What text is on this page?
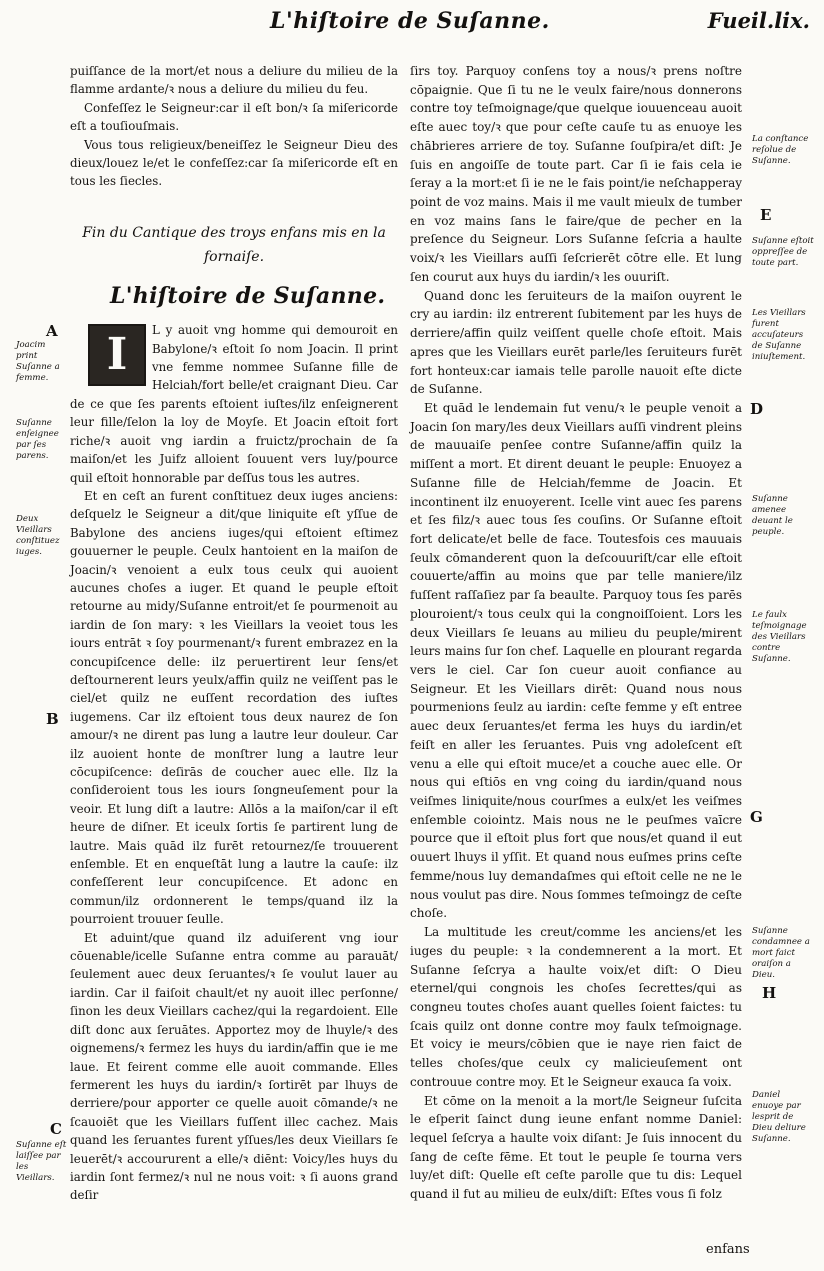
L'hiſtoire de Suſanne.	Fueil.lix.

puiſſance de la mort/et nous a deliure du milieu de la flamme ardante/ꝛ nous a deliure du milieu du feu.

Confeſſez le Seigneur:car il eſt bon/ꝛ ſa miſericorde eſt a touſiouſmais.

Vous tous religieux/beneiſſez le Seigneur Dieu des dieux/louez le/et le confeſſez:car ſa miſericorde eſt en tous les ſiecles.

Fin du Cantique des troys enfans mis en la fornaiſe.

L'hiſtoire de Suſanne.
I	L y auoit vng homme qui demouroit en Babylone/ꝛ eſtoit ſo nom Joacin. Il print vne femme nommee Suſanne fille de Helciah/fort belle/et craignant Dieu. Car de ce que ſes parents eſtoient iuſtes/ilz enſeignerent leur fille/ſelon la loy de Moyſe. Et Joacin eſtoit fort riche/ꝛ auoit vng iardin a fruictz/prochain de ſa maiſon/et les Juifz alloient ſouuent vers luy/pource quil eſtoit honnorable par deſſus tous les autres.

Et en ceſt an furent conſtituez deux iuges anciens: deſquelz le Seigneur a dit/que liniquite eſt yſſue de Babylone des anciens iuges/qui eſtoient eſtimez gouuerner le peuple. Ceulx hantoient en la maiſon de Joacin/ꝛ venoient a eulx tous ceulx qui auoient aucunes choſes a iuger. Et quand le peuple eſtoit retourne au midy/Suſanne entroit/et ſe pourmenoit au iardin de ſon mary: ꝛ les Vieillars la veoiet tous les iours entrāt ꝛ ſoy pourmenant/ꝛ furent embrazez en la concupiſcence delle: ilz peruertirent leur ſens/et deſtournerent leurs yeulx/affin quilz ne veiſſent pas le ciel/et quilz ne euſſent recordation des iuſtes iugemens. Car ilz eſtoient tous deux naurez de ſon amour/ꝛ ne dirent pas lung a lautre leur douleur. Car ilz auoient honte de monſtrer lung a lautre leur cōcupiſcence: deſirās de coucher auec elle. Ilz la conſideroient tous les iours ſongneuſement pour la veoir. Et lung diſt a lautre: Allōs a la maiſon/car il eſt heure de diſner. Et iceulx ſortis ſe partirent lung de lautre. Mais quād ilz furēt retournez/ſe trouuerent enſemble. Et en enqueſtāt lung a lautre la cauſe: ilz confeſſerent leur concupiſcence. Et adonc en commun/ilz ordonnerent le temps/quand ilz la pourroient trouuer ſeulle.

Et aduint/que quand ilz aduiſerent vng iour cōuenable/icelle Suſanne entra comme au parauāt/ſeulement auec deux ſeruantes/ꝛ ſe voulut lauer au iardin. Car il faiſoit chault/et ny auoit illec perſonne/ſinon les deux Vieillars cachez/qui la regardoient. Elle diſt donc aux ſeruātes. Apportez moy de lhuyle/ꝛ des oignemens/ꝛ fermez les huys du iardin/affin que ie me laue. Et feirent comme elle auoit commande. Elles fermerent les huys du iardin/ꝛ ſortirēt par lhuys de derriere/pour apporter ce quelle auoit cōmande/ꝛ ne ſcauoiēt que les Vieillars fuſſent illec cachez. Mais quand les ſeruantes furent yſſues/les deux Vieillars ſe leuerēt/ꝛ accoururent a elle/ꝛ diēnt: Voicy/les huys du iardin ſont fermez/ꝛ nul ne nous voit: ꝛ ſi auons grand deſir

ſirs toy. Parquoy conſens toy a nous/ꝛ prens noſtre cōpaignie. Que ſi tu ne le veulx faire/nous donnerons contre toy teſmoignage/que quelque iouuenceau auoit eſte auec toy/ꝛ que pour ceſte cauſe tu as enuoye les chābrieres arriere de toy. Suſanne ſouſpira/et diſt: Je ſuis en angoiſſe de toute part. Car ſi ie fais cela ie ſeray a la mort:et ſi ie ne le fais point/ie neſchapperay point de voz mains. Mais il me vault mieulx de tumber en voz mains ſans le faire/que de pecher en la preſence du Seigneur. Lors Suſanne ſeſcria a haulte voix/ꝛ les Vieillars auſſi ſeſcrierēt cōtre elle. Et lung ſen courut aux huys du iardin/ꝛ les ouuriſt.

Quand donc les ſeruiteurs de la maiſon ouyrent le cry au iardin: ilz entrerent ſubitement par les huys de derriere/affin quilz veiſſent quelle choſe eſtoit. Mais apres que les Vieillars eurēt parle/les ſeruiteurs furēt fort honteux:car iamais telle parolle nauoit eſte dicte de Suſanne.

Et quād le lendemain fut venu/ꝛ le peuple venoit a Joacin ſon mary/les deux Vieillars auſſi vindrent pleins de mauuaiſe penſee contre Suſanne/affin quilz la miſſent a mort. Et dirent deuant le peuple: Enuoyez a Suſanne fille de Helciah/femme de Joacin. Et incontinent ilz enuoyerent. Icelle vint auec ſes parens et ſes filz/ꝛ auec tous ſes couſins. Or Suſanne eſtoit fort delicate/et belle de face. Toutesfois ces mauuais ſeulx cōmanderent quon la deſcouuriſt/car elle eſtoit couuerte/affin au moins que par telle maniere/ilz fuſſent raſſaſiez par ſa beaulte. Parquoy tous ſes parēs plouroient/ꝛ tous ceulx qui la congnoiſſoient. Lors les deux Vieillars ſe leuans au milieu du peuple/mirent leurs mains ſur ſon chef. Laquelle en plourant regarda vers le ciel. Car ſon cueur auoit confiance au Seigneur. Et les Vieillars dirēt: Quand nous nous pourmenions ſeulz au iardin: ceſte femme y eſt entree auec deux ſeruantes/et ferma les huys du iardin/et feiſt en aller les ſeruantes. Puis vng adoleſcent eſt venu a elle qui eſtoit muce/et a couche auec elle. Or nous qui eſtiōs en vng coing du iardin/quand nous veiſmes liniquite/nous courſmes a eulx/et les veiſmes enſemble coiointz. Mais nous ne le peuſmes vaīcre pource que il eſtoit plus fort que nous/et quand il eut ouuert lhuys il yſſit. Et quand nous euſmes prins ceſte femme/nous luy demandaſmes qui eſtoit celle ne ne le nous voulut pas dire. Nous ſommes teſmoingz de ceſte choſe.

La multitude les creut/comme les anciens/et les iuges du peuple: ꝛ la condemnerent a la mort. Et Suſanne ſeſcrya a haulte voix/et diſt: O Dieu eternel/qui congnois les choſes ſecrettes/qui as congneu toutes choſes auant quelles ſoient faictes: tu ſcais quilz ont donne contre moy faulx teſmoignage. Et voicy ie meurs/cōbien que ie naye rien faict de telles choſes/que ceulx cy malicieuſement ont controuue contre moy. Et le Seigneur exauca ſa voix.

Et cōme on la menoit a la mort/le Seigneur ſuſcita le eſperit ſainct dung ieune enfant nomme Daniel: lequel ſeſcrya a haulte voix diſant: Je ſuis innocent du ſang de ceſte fēme. Et tout le peuple ſe tourna vers luy/et diſt: Quelle eſt ceſte parolle que tu dis: Lequel quand il fut au milieu de eulx/diſt: Eſtes vous ſi folz

enfans
A
Joacim print Suſanne a femme.
Suſanne enſeignee par ſes parens.
Deux Vieillars conſtituez iuges.
B
C
Suſanne eſt laiſſee par les Vieillars.
La conſtance reſolue de Suſanne.
E
Suſanne eſtoit oppreſſee de toute part.
Les Vieillars furent accuſateurs de Suſanne iniuſtement.
D
Suſanne amenee deuant le peuple.
Le faulx teſmoignage des Vieillars contre Suſanne.
G
Suſanne condamnee a mort faict oraiſon a Dieu.
H
Daniel enuoye par lesprit de Dieu deliure Suſanne.
